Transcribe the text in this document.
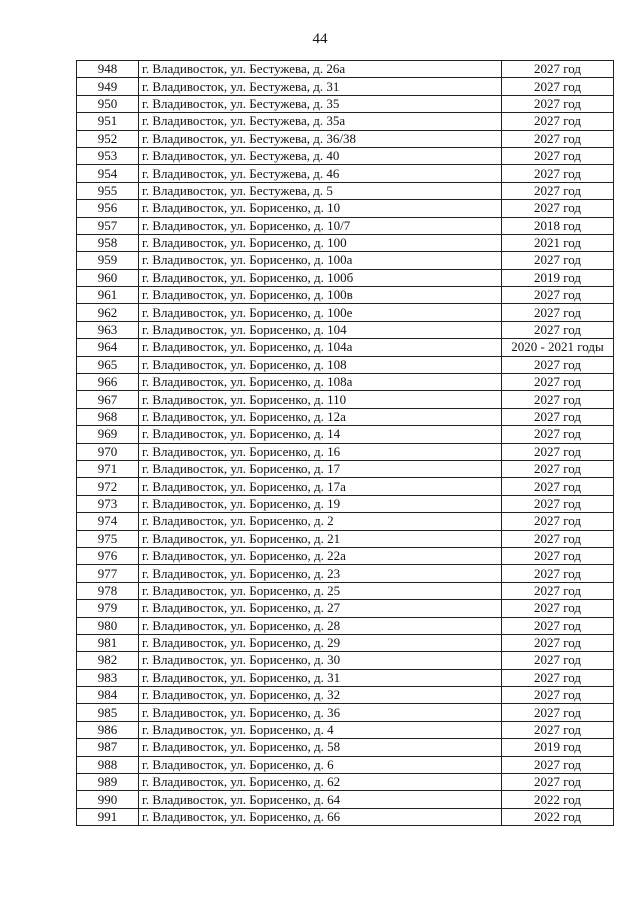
44
948	г. Владивосток, ул. Бестужева, д. 26а	2027 год
949	г. Владивосток, ул. Бестужева, д. 31	2027 год
950	г. Владивосток, ул. Бестужева, д. 35	2027 год
951	г. Владивосток, ул. Бестужева, д. 35а	2027 год
952	г. Владивосток, ул. Бестужева, д. 36/38	2027 год
953	г. Владивосток, ул. Бестужева, д. 40	2027 год
954	г. Владивосток, ул. Бестужева, д. 46	2027 год
955	г. Владивосток, ул. Бестужева, д. 5	2027 год
956	г. Владивосток, ул. Борисенко, д. 10	2027 год
957	г. Владивосток, ул. Борисенко, д. 10/7	2018 год
958	г. Владивосток, ул. Борисенко, д. 100	2021 год
959	г. Владивосток, ул. Борисенко, д. 100а	2027 год
960	г. Владивосток, ул. Борисенко, д. 100б	2019 год
961	г. Владивосток, ул. Борисенко, д. 100в	2027 год
962	г. Владивосток, ул. Борисенко, д. 100е	2027 год
963	г. Владивосток, ул. Борисенко, д. 104	2027 год
964	г. Владивосток, ул. Борисенко, д. 104а	2020 - 2021 годы
965	г. Владивосток, ул. Борисенко, д. 108	2027 год
966	г. Владивосток, ул. Борисенко, д. 108а	2027 год
967	г. Владивосток, ул. Борисенко, д. 110	2027 год
968	г. Владивосток, ул. Борисенко, д. 12а	2027 год
969	г. Владивосток, ул. Борисенко, д. 14	2027 год
970	г. Владивосток, ул. Борисенко, д. 16	2027 год
971	г. Владивосток, ул. Борисенко, д. 17	2027 год
972	г. Владивосток, ул. Борисенко, д. 17а	2027 год
973	г. Владивосток, ул. Борисенко, д. 19	2027 год
974	г. Владивосток, ул. Борисенко, д. 2	2027 год
975	г. Владивосток, ул. Борисенко, д. 21	2027 год
976	г. Владивосток, ул. Борисенко, д. 22а	2027 год
977	г. Владивосток, ул. Борисенко, д. 23	2027 год
978	г. Владивосток, ул. Борисенко, д. 25	2027 год
979	г. Владивосток, ул. Борисенко, д. 27	2027 год
980	г. Владивосток, ул. Борисенко, д. 28	2027 год
981	г. Владивосток, ул. Борисенко, д. 29	2027 год
982	г. Владивосток, ул. Борисенко, д. 30	2027 год
983	г. Владивосток, ул. Борисенко, д. 31	2027 год
984	г. Владивосток, ул. Борисенко, д. 32	2027 год
985	г. Владивосток, ул. Борисенко, д. 36	2027 год
986	г. Владивосток, ул. Борисенко, д. 4	2027 год
987	г. Владивосток, ул. Борисенко, д. 58	2019 год
988	г. Владивосток, ул. Борисенко, д. 6	2027 год
989	г. Владивосток, ул. Борисенко, д. 62	2027 год
990	г. Владивосток, ул. Борисенко, д. 64	2022 год
991	г. Владивосток, ул. Борисенко, д. 66	2022 год
